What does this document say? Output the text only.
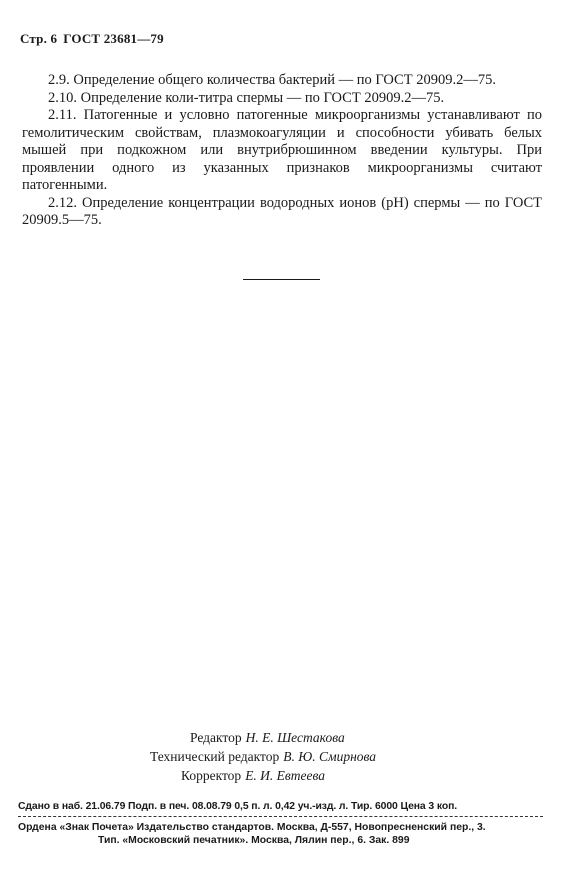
Стр. 6 ГОСТ 23681—79

2.9. Определение общего количества бактерий — по ГОСТ 20909.2—75.

2.10. Определение коли-титра спермы — по ГОСТ 20909.2—75.

2.11. Патогенные и условно патогенные микроорганизмы устанавливают по гемолитическим свойствам, плазмокоагуляции и способности убивать белых мышей при подкожном или внутрибрюшинном введении культуры. При проявлении одного из указанных признаков микроорганизмы считают патогенными.

2.12. Определение концентрации водородных ионов (pH) спермы — по ГОСТ 20909.5—75.

Редактор Н. Е. Шестакова
Технический редактор В. Ю. Смирнова
Корректор Е. И. Евтеева
Сдано в наб. 21.06.79 Подп. в печ. 08.08.79 0,5 п. л. 0,42 уч.-изд. л. Тир. 6000 Цена 3 коп.
Ордена «Знак Почета» Издательство стандартов. Москва, Д-557, Новопресненский пер., 3.
Тип. «Московский печатник». Москва, Лялин пер., 6. Зак. 899
